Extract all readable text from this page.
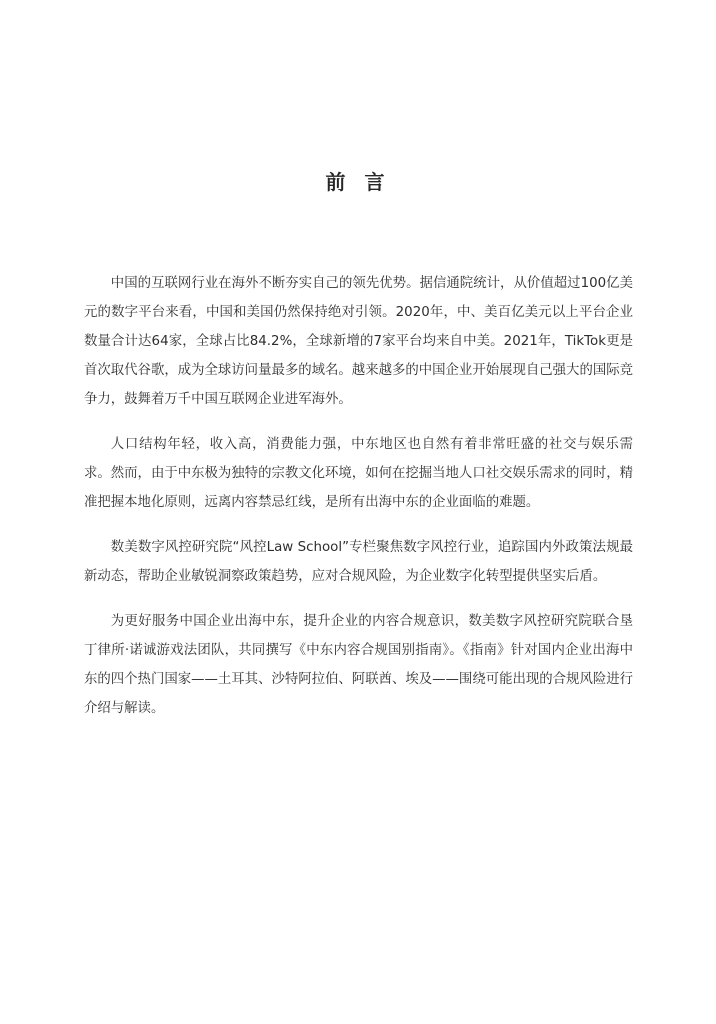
前 言

中国的互联网行业在海外不断夯实自己的领先优势。据信通院统计，从价值超过100亿美元的数字平台来看，中国和美国仍然保持绝对引领。2020年，中、美百亿美元以上平台企业数量合计达64家，全球占比84.2%，全球新增的7家平台均来自中美。2021年，TikTok更是首次取代谷歌，成为全球访问量最多的域名。越来越多的中国企业开始展现自己强大的国际竞争力，鼓舞着万千中国互联网企业进军海外。

人口结构年轻，收入高，消费能力强，中东地区也自然有着非常旺盛的社交与娱乐需求。然而，由于中东极为独特的宗教文化环境，如何在挖掘当地人口社交娱乐需求的同时，精准把握本地化原则，远离内容禁忌红线，是所有出海中东的企业面临的难题。

数美数字风控研究院“风控Law School”专栏聚焦数字风控行业，追踪国内外政策法规最新动态，帮助企业敏锐洞察政策趋势，应对合规风险，为企业数字化转型提供坚实后盾。

为更好服务中国企业出海中东，提升企业的内容合规意识，数美数字风控研究院联合垦丁律所·诺诚游戏法团队，共同撰写《中东内容合规国别指南》。《指南》针对国内企业出海中东的四个热门国家——土耳其、沙特阿拉伯、阿联酋、埃及——围绕可能出现的合规风险进行介绍与解读。
